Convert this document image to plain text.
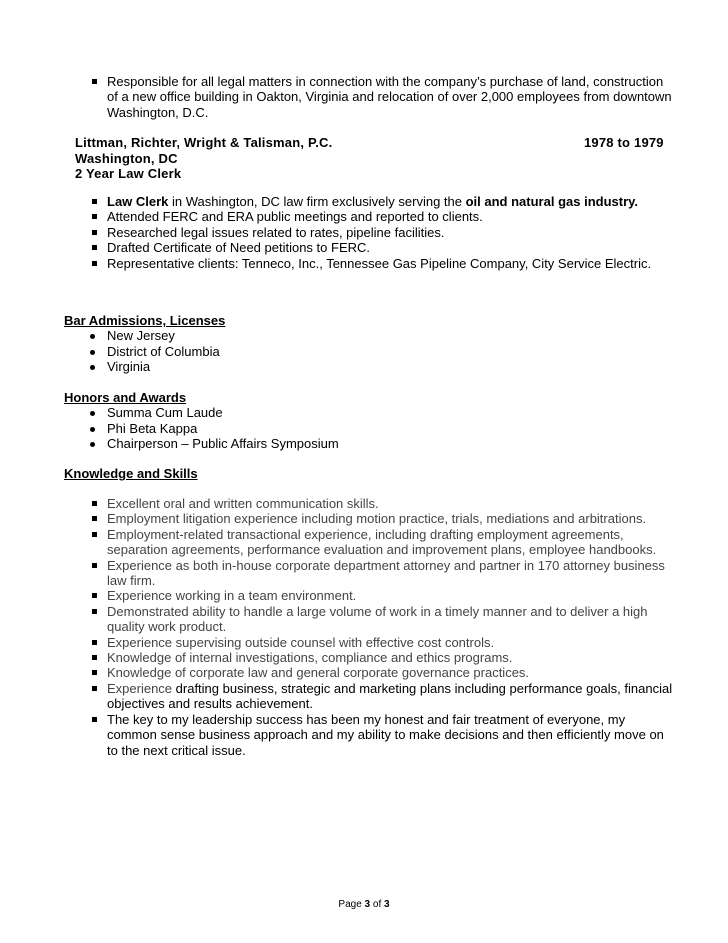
Responsible for all legal matters in connection with the company’s purchase of land, construction of a new office building in Oakton, Virginia and relocation of over 2,000 employees from downtown Washington, D.C.
Littman, Richter, Wright & Talisman, P.C.	1978 to 1979
Washington, DC
2 Year Law Clerk
Law Clerk in Washington, DC law firm exclusively serving the oil and natural gas industry.
Attended FERC and ERA public meetings and reported to clients.
Researched legal issues related to rates, pipeline facilities.
Drafted Certificate of Need petitions to FERC.
Representative clients: Tenneco, Inc., Tennessee Gas Pipeline Company, City Service Electric.
Bar Admissions, Licenses
New Jersey
District of Columbia
Virginia
Honors and Awards
Summa Cum Laude
Phi Beta Kappa
Chairperson – Public Affairs Symposium
Knowledge and Skills
Excellent oral and written communication skills.
Employment litigation experience including motion practice, trials, mediations and arbitrations.
Employment-related transactional experience, including drafting employment agreements, separation agreements, performance evaluation and improvement plans, employee handbooks.
Experience as both in-house corporate department attorney and partner in 170 attorney business law firm.
Experience working in a team environment.
Demonstrated ability to handle a large volume of work in a timely manner and to deliver a high quality work product.
Experience supervising outside counsel with effective cost controls.
Knowledge of internal investigations, compliance and ethics programs.
Knowledge of corporate law and general corporate governance practices.
Experience drafting business, strategic and marketing plans including performance goals, financial objectives and results achievement.
The key to my leadership success has been my honest and fair treatment of everyone, my common sense business approach and my ability to make decisions and then efficiently move on to the next critical issue.
Page 3 of 3
